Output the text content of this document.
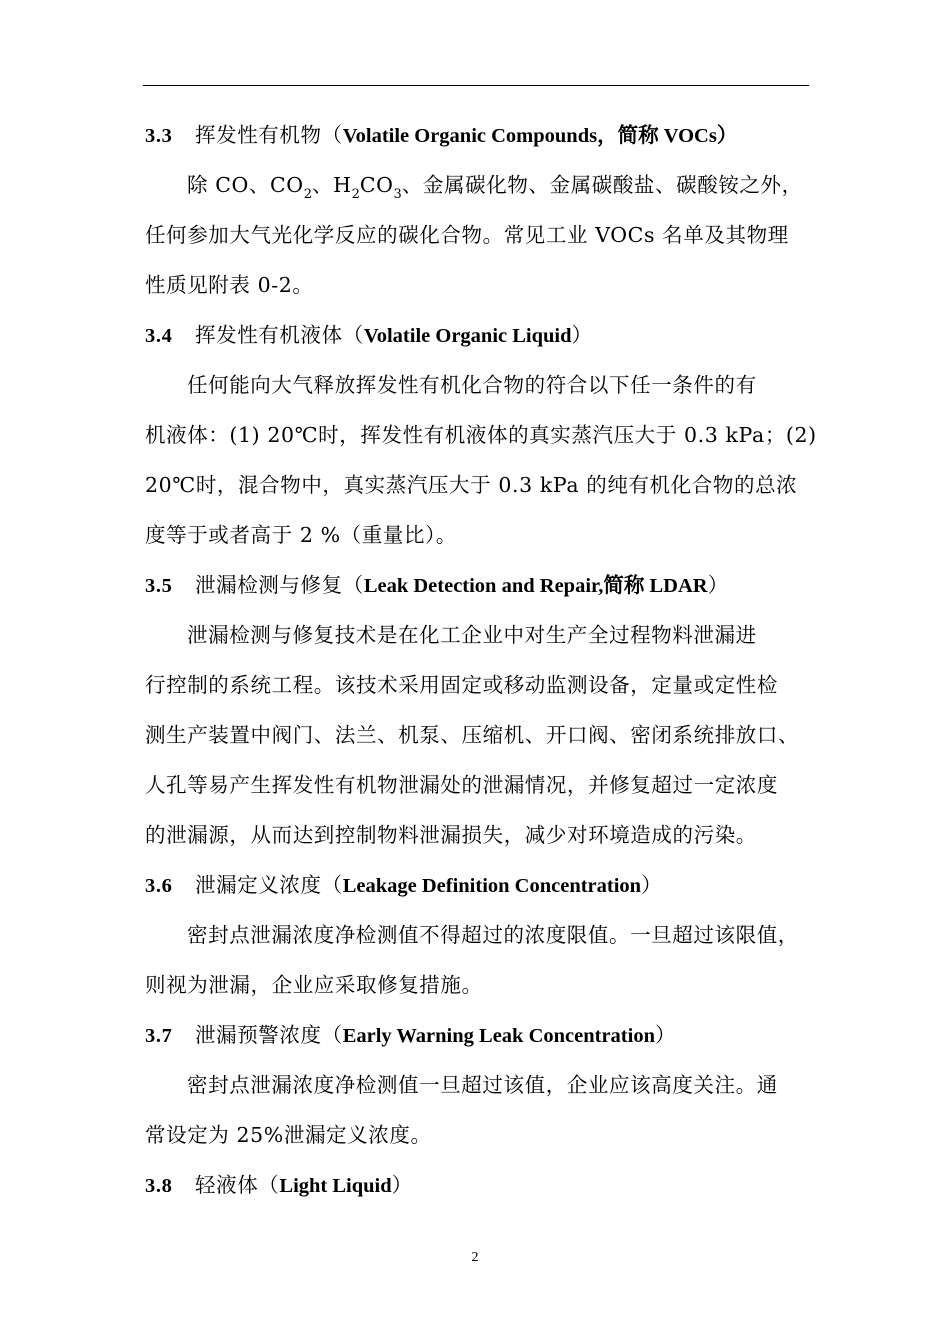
3.3 挥发性有机物（Volatile Organic Compounds，简称 VOCs）
除 CO、$CO_2$、$H_2CO_3$、金属碳化物、金属碳酸盐、碳酸铵之外，
任何参加大气光化学反应的碳化合物。常见工业 VOCs 名单及其物理
性质见附表 0-2。
3.4 挥发性有机液体（Volatile Organic Liquid）
任何能向大气释放挥发性有机化合物的符合以下任一条件的有
机液体：(1) 20℃时，挥发性有机液体的真实蒸汽压大于 0.3 kPa；(2)
20℃时，混合物中，真实蒸汽压大于 0.3 kPa 的纯有机化合物的总浓
度等于或者高于 2 %（重量比）。
3.5 泄漏检测与修复（Leak Detection and Repair,简称 LDAR）
泄漏检测与修复技术是在化工企业中对生产全过程物料泄漏进
行控制的系统工程。该技术采用固定或移动监测设备，定量或定性检
测生产装置中阀门、法兰、机泵、压缩机、开口阀、密闭系统排放口、
人孔等易产生挥发性有机物泄漏处的泄漏情况，并修复超过一定浓度
的泄漏源，从而达到控制物料泄漏损失，减少对环境造成的污染。
3.6 泄漏定义浓度（Leakage Definition Concentration）
密封点泄漏浓度净检测值不得超过的浓度限值。一旦超过该限值，
则视为泄漏，企业应采取修复措施。
3.7 泄漏预警浓度（Early Warning Leak Concentration）
密封点泄漏浓度净检测值一旦超过该值，企业应该高度关注。通
常设定为 25%泄漏定义浓度。
3.8 轻液体（Light Liquid）
2
